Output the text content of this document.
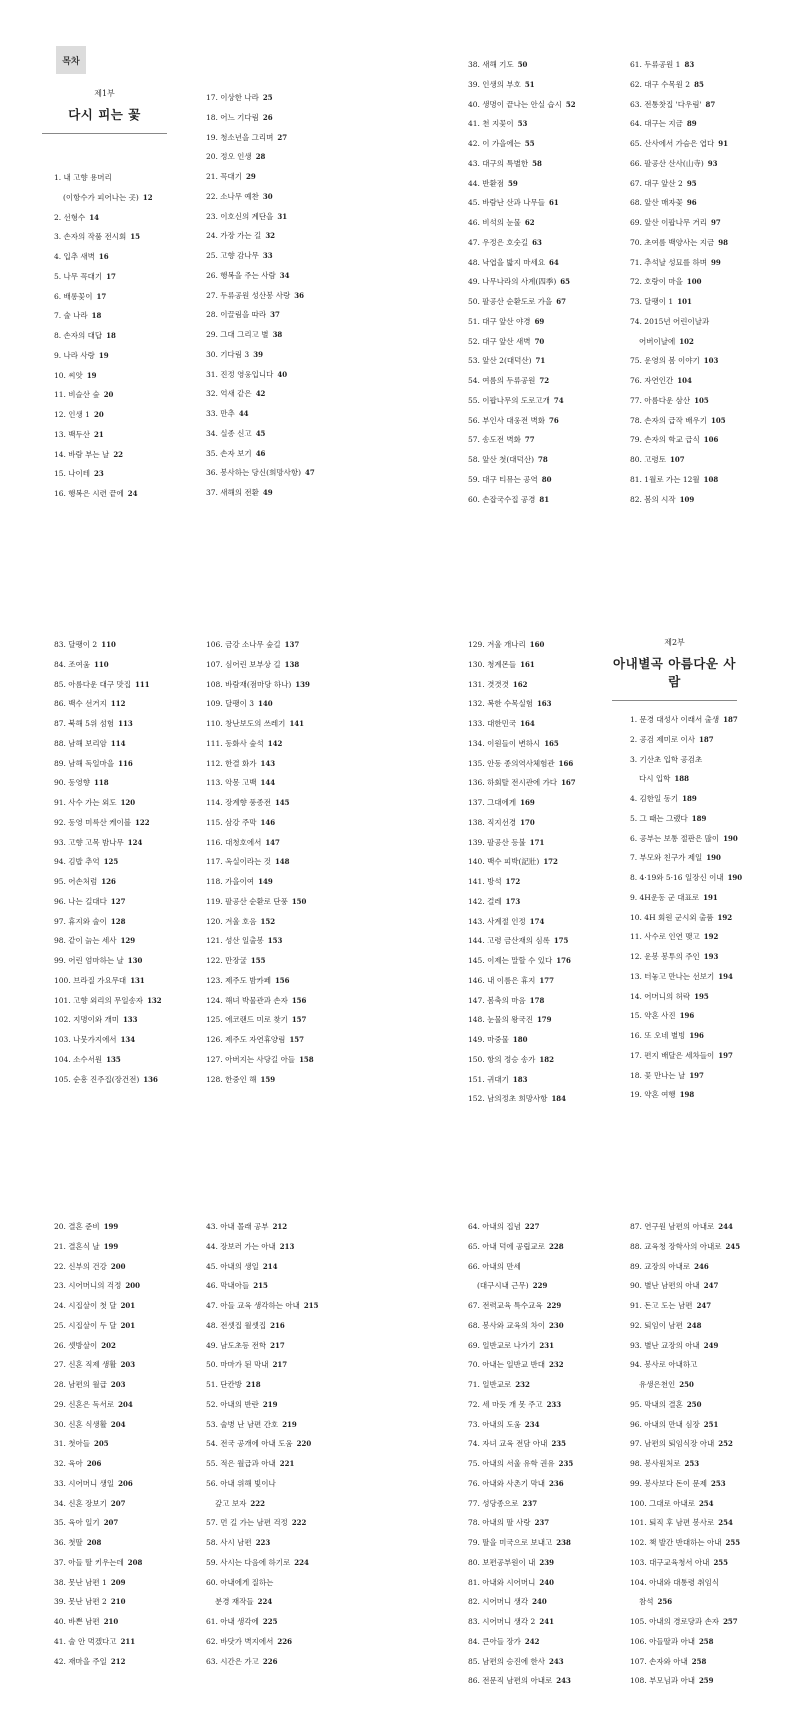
목차
제1부
다시 피는 꽃
제2부
아내별곡 아름다운 사람
1. 내 고향 용머리
(이항수가 피어나는 곳) 12
2. 선형수 14
3. 손자의 작품 전시회 15
4. 입추 새벽 16
5. 나무 꼭대기 17
6. 배롱꽃이 17
7. 술 나라 18
8. 손자의 대답 18
9. 나라 사랑 19
10. 씨앗 19
11. 비슬산 숲 20
12. 인생 1 20
13. 백두산 21
14. 바람 부는 날 22
15. 나이테 23
16. 행복은 시련 끝에 24
17. 이상한 나라 25
18. 어느 기다림 26
19. 청소년을 그리며 27
20. 정오 인생 28
21. 꼭대기 29
22. 소나무 예찬 30
23. 이호신의 계단을 31
24. 가장 가는 길 32
25. 고향 감나무 33
26. 행복을 주는 사람 34
27. 두류공원 성산봉 사랑 36
28. 이끌림을 따라 37
29. 그대 그리고 별 38
30. 기다림 3 39
31. 진정 영웅입니다 40
32. 억새 같은 42
33. 만추 44
34. 실종 신고 45
35. 손자 보기 46
36. 봉사하는 당신(희망사항) 47
37. 새해의 전환 49
38. 새해 기도 50
39. 인생의 부호 51
40. 생명이 끝나는 안실 습시 52
41. 천 지꽃이 53
42. 이 가을에는 55
43. 대구의 특별한 58
44. 반환점 59
45. 바람난 산과 나무들 61
46. 비석의 눈물 62
47. 우정은 호숫길 63
48. 낙엽을 밟지 마세요 64
49. 나무나라의 사계(四季) 65
50. 팔공산 순환도로 가을 67
51. 대구 앞산 야경 69
52. 대구 앞산 새벽 70
53. 앞산 2(대덕산) 71
54. 여름의 두류공원 72
55. 이팝나무의 도로고개 74
56. 부인사 대웅전 벽화 76
57. 송도전 벽화 77
58. 앞산 첫(대덕산) 78
59. 대구 티뮤는 공역 80
60. 손잡국수집 공경 81
61. 두류공원 1 83
62. 대구 수목원 2 85
63. 전통찻집 '다우림' 87
64. 대구는 지금 89
65. 산사에서 가슴은 엽다 91
66. 팔공산 산사(山寺) 93
67. 대구 앞산 2 95
68. 앞산 매자꽃 96
69. 앞산 이팝나무 거리 97
70. 초여름 백양사는 지금 98
71. 추석날 성묘를 하며 99
72. 호랑이 마을 100
73. 달팽이 1 101
74. 2015년 어린이날과
어버이날에 102
75. 운영의 봄 이야기 103
76. 자연인간 104
77. 아름다운 삼산 105
78. 손자의 급작 배우기 105
79. 손자의 학교 급식 106
80. 고령토 107
81. 1월로 가는 12월 108
82. 봄의 시작 109
83. 달팽이 2 110
84. 조여움 110
85. 아름다운 대구 맛집 111
86. 백수 선거지 112
87. 북해 5위 섬험 113
88. 남해 보리암 114
89. 남해 독일마을 116
90. 동영향 118
91. 사수 가는 외도 120
92. 동영 미륵산 케이블 122
93. 고향 고목 밤나무 124
94. 김밥 추억 125
95. 어손처럼 126
96. 나는 길대다 127
97. 휴지와 술이 128
98. 같이 늙는 세사 129
99. 어린 엄마하는 날 130
100. 브라질 가요무대 131
101. 고향 외리의 무일송자 132
102. 지명이와 개미 133
103. 나뭇가지에서 134
104. 소수서원 135
105. 순흥 진주집(장건전) 136
106. 금강 소나무 숲길 137
107. 심어린 보부상 길 138
108. 바람재(점마당 하나) 139
109. 달팽이 3 140
110. 창난보도의 쓰레기 141
111. 동화사 숲석 142
112. 한결 화가 143
113. 악몽 고백 144
114. 장계향 풍종전 145
115. 삼강 주막 146
116. 대청호에서 147
117. 옥실이라는 것 148
118. 가을이여 149
119. 팔공산 순환로 단풍 150
120. 겨울 호음 152
121. 성산 일출봉 153
122. 만장굴 155
123. 제주도 밤카페 156
124. 해녀 박물관과 손자 156
125. 에코랜드 미로 찾기 157
126. 제주도 자연휴양림 157
127. 아버지는 사당길 아들 158
128. 한중인 해 159
129. 겨울 개나리 160
130. 청계몬들 161
131. 겻겻겻 162
132. 복한 수목실험 163
133. 대한민국 164
134. 이원들이 변하시 165
135. 안동 종의역사체험관 166
136. 하회탈 전시관에 가다 167
137. 그대에게 169
138. 직지선경 170
139. 팔공산 등불 171
140. 백수 피박(記壯) 172
141. 방석 172
142. 걸레 173
143. 사계절 인정 174
144. 고령 금산재의 심록 175
145. 이제는 말할 수 있다 176
146. 내 이름은 휴지 177
147. 봄축의 마음 178
148. 눈물의 왕국진 179
149. 마중물 180
150. 항의 정승 송가 182
151. 귀대기 183
152. 남의정초 희망사항 184
1. 문경 대성사 이래서 출생 187
2. 공검 제미로 이사 187
3. 기산초 입학 공검초
다시 입학 188
4. 김한일 동기 189
5. 그 때는 그랬다 189
6. 공부는 보통 절판은 많이 190
7. 부모와 친구가 제일 190
8. 4·19와 5·16 일장신 이내 190
9. 4H운동 군 대표로 191
10. 4H 회원 군시외 출품 192
11. 사수로 인연 맺고 192
12. 운봉 봉투의 주인 193
13. 터놓고 만나는 선보기 194
14. 어머니의 허락 195
15. 약혼 사진 196
16. 또 오네 별빙 196
17. 편지 배달은 세차들이 197
18. 꽃 만나는 날 197
19. 약혼 여행 198
20. 결혼 준비 199
21. 결혼식 날 199
22. 신부의 건강 200
23. 시어머니의 걱정 200
24. 시집살이 첫 달 201
25. 시집살이 두 달 201
26. 셋방살이 202
27. 신혼 직제 생활 203
28. 남편의 월급 203
29. 신혼은 독서로 204
30. 신혼 식생활 204
31. 첫아들 205
32. 육아 206
33. 시어머니 생일 206
34. 신혼 장보기 207
35. 육아 일기 207
36. 첫딸 208
37. 아들 딸 키우는데 208
38. 못난 남편 1 209
39. 못난 남편 2 210
40. 바쁜 남편 210
41. 술 안 먹겠다고 211
42. 재마을 주일 212
43. 아내 몰래 공부 212
44. 장보러 가는 아내 213
45. 아내의 생일 214
46. 막내아들 215
47. 아들 교육 생각하는 아내 215
48. 전셋집 월셋집 216
49. 남도초등 전학 217
50. 마마가 된 막내 217
51. 단칸방 218
52. 아내의 반란 219
53. 술병 난 남편 간호 219
54. 전국 공개에 아내 도움 220
55. 적은 월급과 아내 221
56. 아내 위해 빛이나
갚고 보자 222
57. 먼 길 가는 남편 걱정 222
58. 사시 남편 223
59. 사시는 다음에 하기로 224
60. 아내에게 질하는
분경 재작들 224
61. 아내 생각에 225
62. 바닷가 벽지에서 226
63. 시간은 가고 226
64. 아내의 집념 227
65. 아내 덕에 공립교로 228
66. 아내의 만세
(대구시내 근무) 229
67. 전력교육 특수교육 229
68. 봉사와 교육의 차이 230
69. 일반교로 나가기 231
70. 아내는 일반교 반대 232
71. 일반교로 232
72. 세 마듯 개 못 주고 233
73. 아내의 도움 234
74. 자녀 교육 전담 아내 235
75. 아내의 서울 유학 권유 235
76. 아내와 사촌기 막내 236
77. 성당종으로 237
78. 아내의 딸 사랑 237
79. 딸을 미국으로 보내고 238
80. 보편공부원이 내 239
81. 아내와 시어머니 240
82. 시어머니 생각 240
83. 시어머니 생각 2 241
84. 큰아들 장가 242
85. 남편의 승진에 한사 243
86. 전문직 남편의 아내로 243
87. 연구원 남편의 아내로 244
88. 교육청 장학사의 아내로 245
89. 교장의 아내로 246
90. 별난 남편의 아내 247
91. 돈고 도는 남편 247
92. 퇴임이 남편 248
93. 별난 교장의 아내 249
94. 봉사로 아내하고
유생은천인 250
95. 막내의 결혼 250
96. 아내의 만내 심장 251
97. 남편의 퇴임식장 아내 252
98. 봉사원처로 253
99. 봉사보다 돈이 문제 253
100. 그대로 아내로 254
101. 퇴직 후 남편 봉사로 254
102. 책 발간 반대하는 아내 255
103. 대구교육청서 아내 255
104. 아내와 대통령 취임식
참석 256
105. 아내의 경로당과 손자 257
106. 아들딸과 아내 258
107. 손자와 아내 258
108. 부모님과 아내 259
